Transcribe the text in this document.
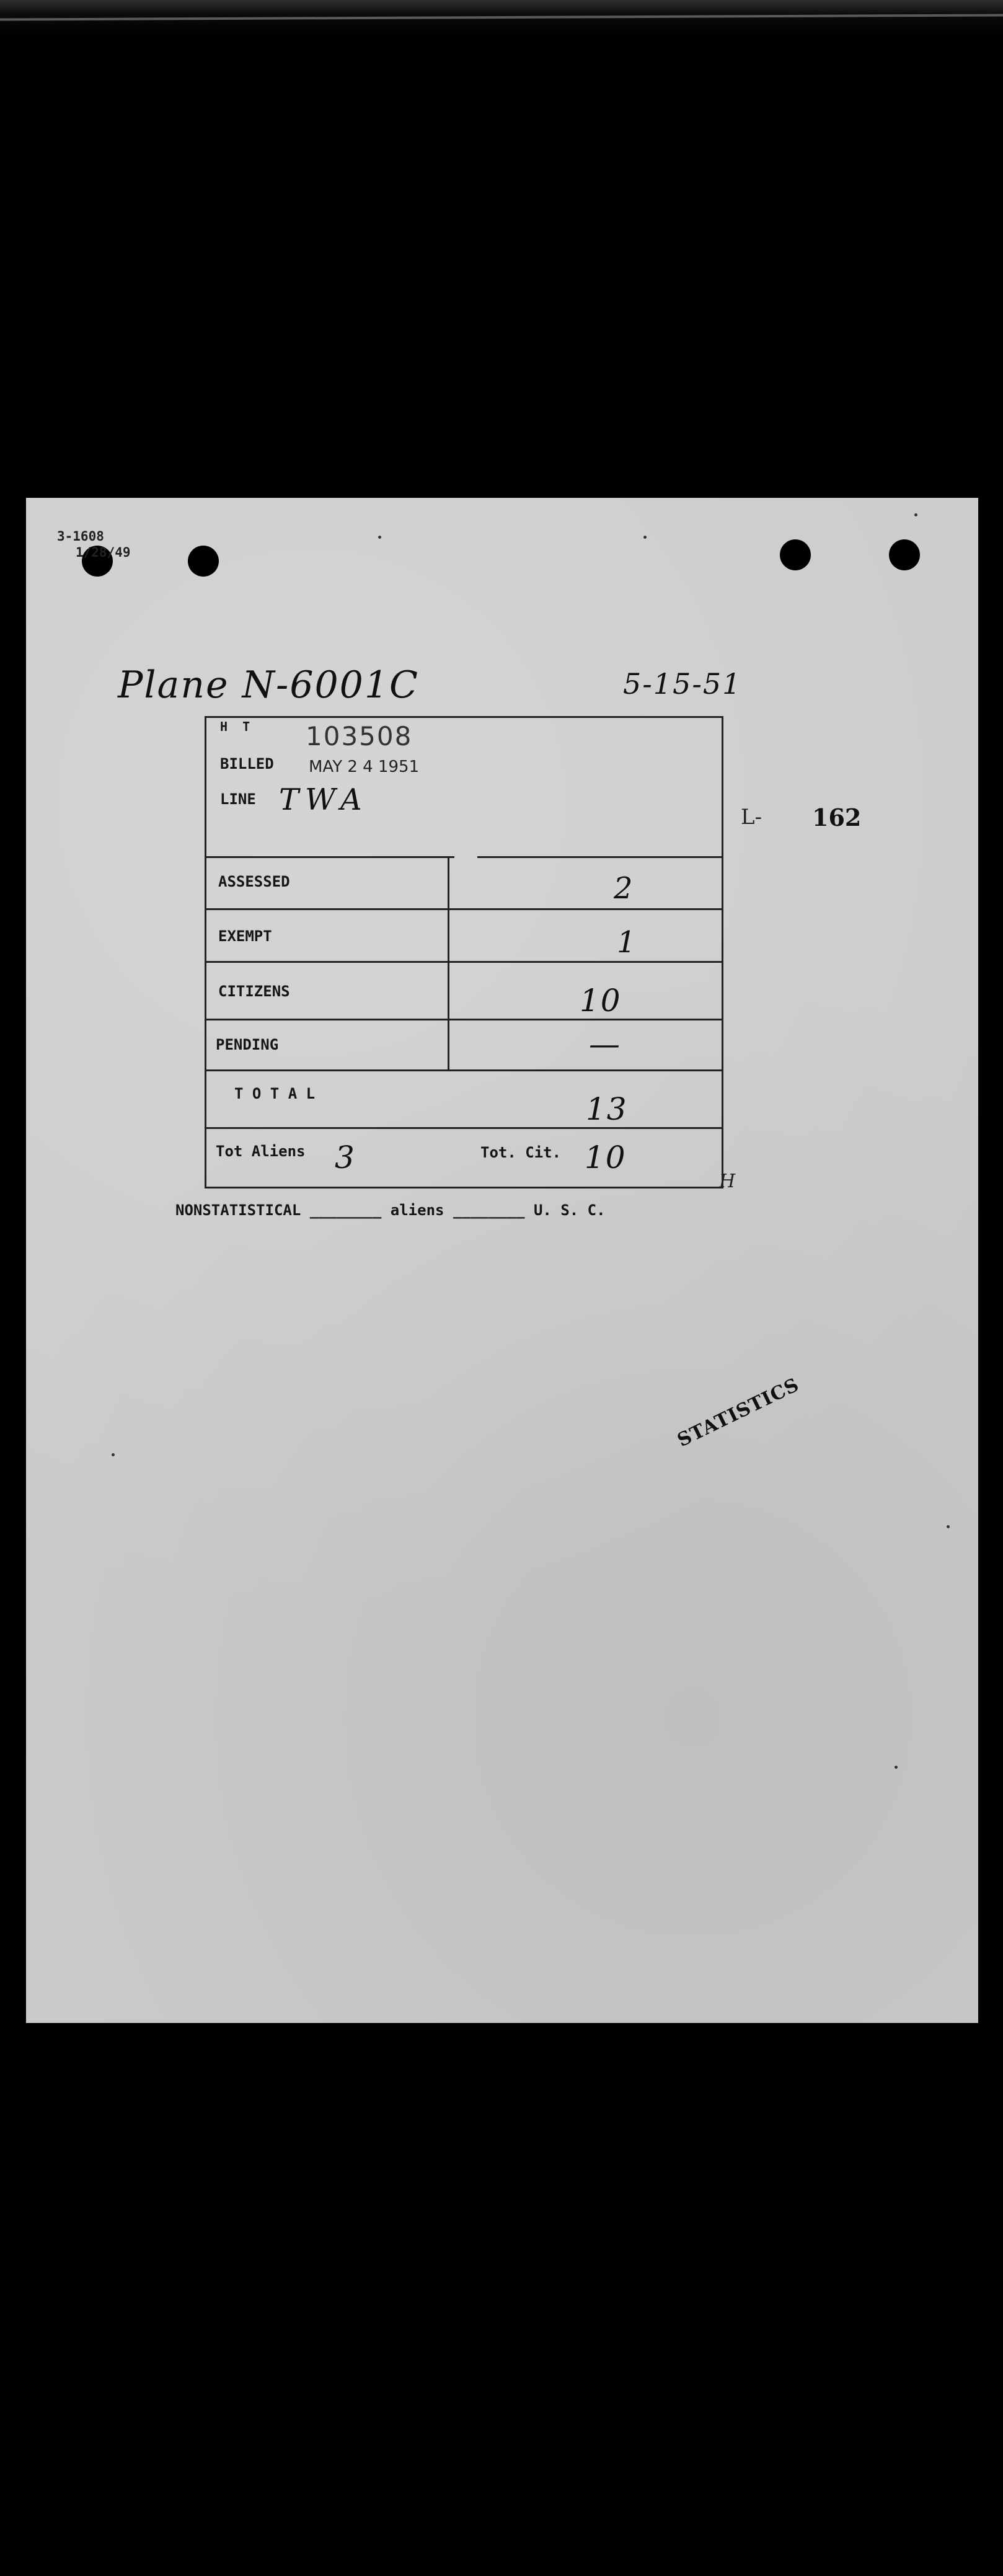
3-1608
1/28/49
Plane N-6001C	5-15-51
L- 162
H T 103508
BILLED MAY 2 4 1951
LINE TWA
ASSESSED	2
EXEMPT	1
CITIZENS	10
PENDING	—
T O T A L	13
Tot Aliens 3	Tot. Cit. 10
H
NONSTATISTICAL ________ aliens ________ U. S. C.
STATISTICS
